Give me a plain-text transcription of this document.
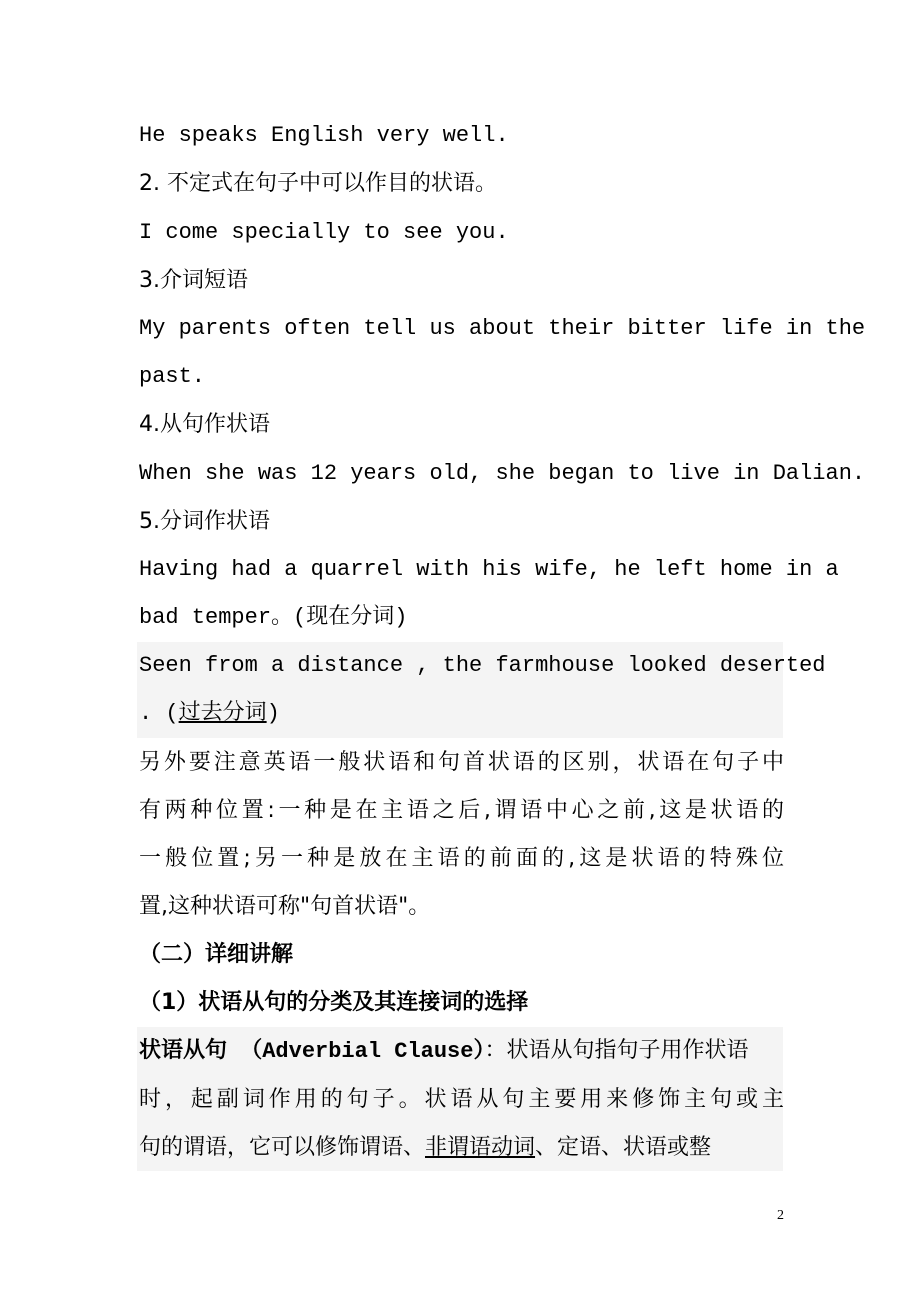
He speaks English very well.
2. 不定式在句子中可以作目的状语。
I come specially to see you.
3.介词短语
My parents often tell us about their bitter life in the
past.
4.从句作状语
When she was 12 years old, she began to live in Dalian.
5.分词作状语
Having had a quarrel with his wife, he left home in a
bad temper。(现在分词)
Seen from a distance , the farmhouse looked deserted
. (过去分词)
另外要注意英语一般状语和句首状语的区别，状语在句子中
有两种位置:一种是在主语之后,谓语中心之前,这是状语的
一般位置;另一种是放在主语的前面的,这是状语的特殊位
置,这种状语可称"句首状语"。
（二）详细讲解
（1）状语从句的分类及其连接词的选择
状语从句 （Adverbial Clause）：状语从句指句子用作状语
时，起副词作用的句子。状语从句主要用来修饰主句或主
句的谓语，它可以修饰谓语、非谓语动词、定语、状语或整
2
